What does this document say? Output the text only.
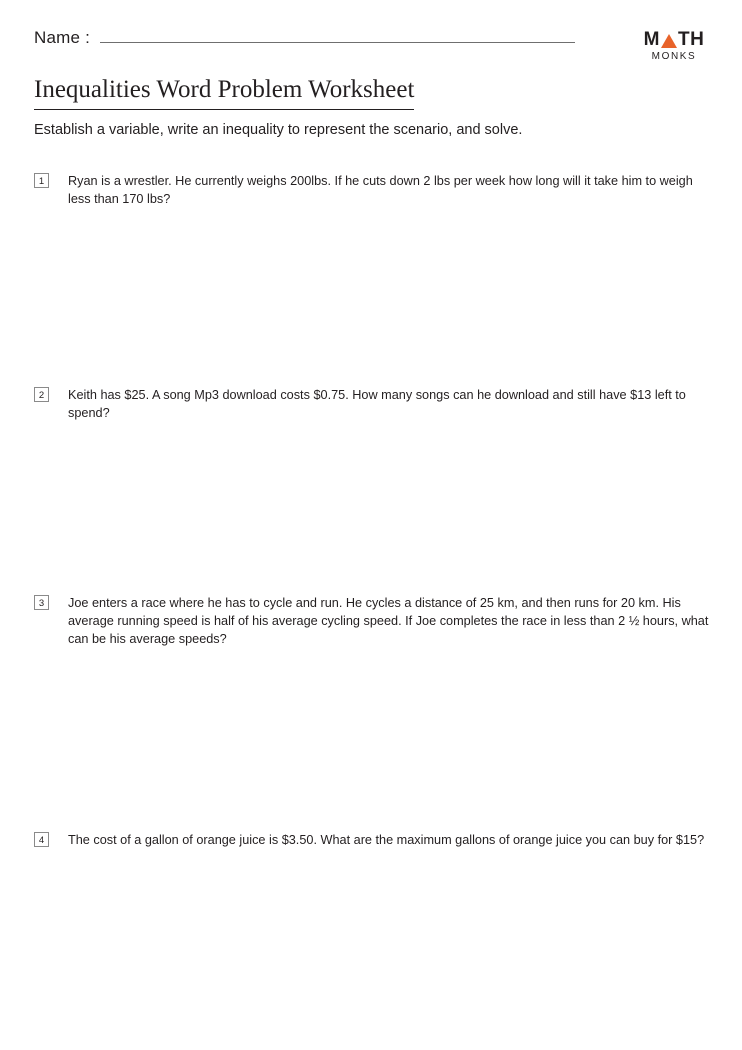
Name :	M TH
MONKS
Inequalities Word Problem Worksheet
Establish a variable, write an inequality to represent the scenario, and solve.
1	Ryan is a wrestler. He currently weighs 200lbs. If he cuts down 2 lbs per week how long will it take him to weigh less than 170 lbs?
2	Keith has $25. A song Mp3 download costs $0.75. How many songs can he download and still have $13 left to spend?
3	Joe enters a race where he has to cycle and run. He cycles a distance of 25 km, and then runs for 20 km. His average running speed is half of his average cycling speed. If Joe completes the race in less than 2 ½ hours, what can be his average speeds?
4	The cost of a gallon of orange juice is $3.50. What are the maximum gallons of orange juice you can buy for $15?
